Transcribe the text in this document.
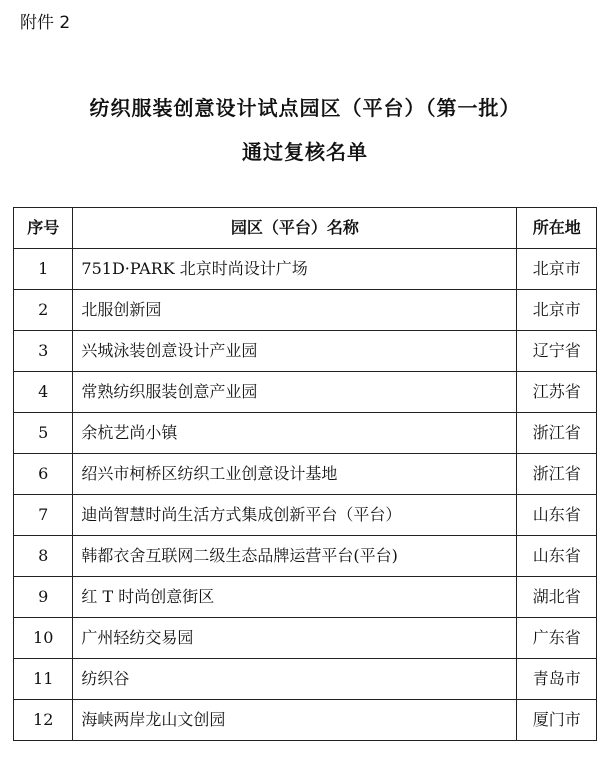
附件 2
纺织服装创意设计试点园区（平台）（第一批）
通过复核名单
序号	园区（平台）名称	所在地
1	751D·PARK 北京时尚设计广场	北京市
2	北服创新园	北京市
3	兴城泳装创意设计产业园	辽宁省
4	常熟纺织服装创意产业园	江苏省
5	余杭艺尚小镇	浙江省
6	绍兴市柯桥区纺织工业创意设计基地	浙江省
7	迪尚智慧时尚生活方式集成创新平台（平台）	山东省
8	韩都衣舍互联网二级生态品牌运营平台(平台)	山东省
9	红 T 时尚创意街区	湖北省
10	广州轻纺交易园	广东省
11	纺织谷	青岛市
12	海峡两岸龙山文创园	厦门市
